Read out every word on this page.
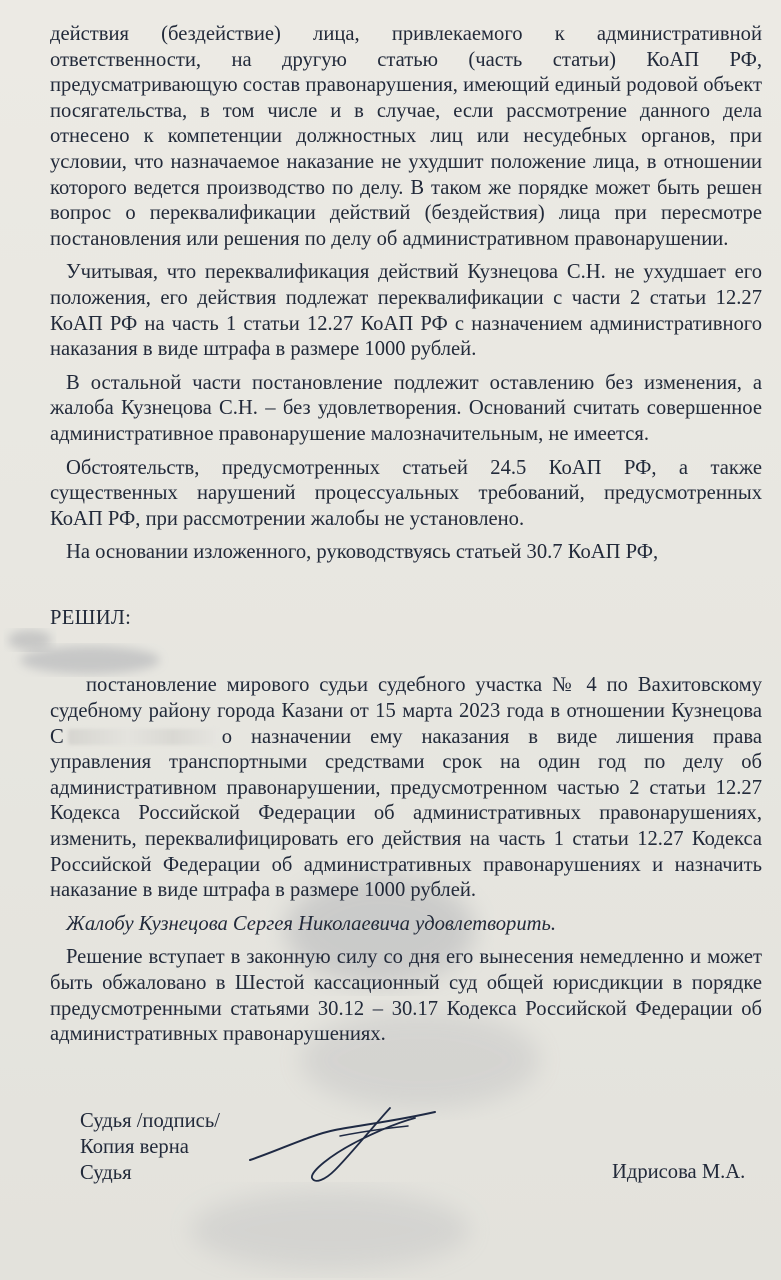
действия (бездействие) лица, привлекаемого к административной ответственности, на другую статью (часть статьи) КоАП РФ, предусматривающую состав правонарушения, имеющий единый родовой объект посягательства, в том числе и в случае, если рассмотрение данного дела отнесено к компетенции должностных лиц или несудебных органов, при условии, что назначаемое наказание не ухудшит положение лица, в отношении которого ведется производство по делу. В таком же порядке может быть решен вопрос о переквалификации действий (бездействия) лица при пересмотре постановления или решения по делу об административном правонарушении.

Учитывая, что переквалификация действий Кузнецова С.Н. не ухудшает его положения, его действия подлежат переквалификации с части 2 статьи 12.27 КоАП РФ на часть 1 статьи 12.27 КоАП РФ с назначением административного наказания в виде штрафа в размере 1000 рублей.

В остальной части постановление подлежит оставлению без изменения, а жалоба Кузнецова С.Н. – без удовлетворения. Оснований считать совершенное административное правонарушение малозначительным, не имеется.

Обстоятельств, предусмотренных статьей 24.5 КоАП РФ, а также существенных нарушений процессуальных требований, предусмотренных КоАП РФ, при рассмотрении жалобы не установлено.

На основании изложенного, руководствуясь статьей 30.7 КоАП РФ,

РЕШИЛ:

постановление мирового судьи судебного участка № 4 по Вахитовскому судебному району города Казани от 15 марта 2023 года в отношении Кузнецова С	о назначении ему наказания в виде лишения права управления транспортными средствами срок на один год по делу об административном правонарушении, предусмотренном частью 2 статьи 12.27 Кодекса Российской Федерации об административных правонарушениях, изменить, переквалифицировать его действия на часть 1 статьи 12.27 Кодекса Российской Федерации об административных правонарушениях и назначить наказание в виде штрафа в размере 1000 рублей.

Жалобу Кузнецова Сергея Николаевича удовлетворить.

Решение вступает в законную силу со дня его вынесения немедленно и может быть обжаловано в Шестой кассационный суд общей юрисдикции в порядке предусмотренными статьями 30.12 – 30.17 Кодекса Российской Федерации об административных правонарушениях.

Судья /подпись/
Копия верна
Судья	Идрисова М.А.
